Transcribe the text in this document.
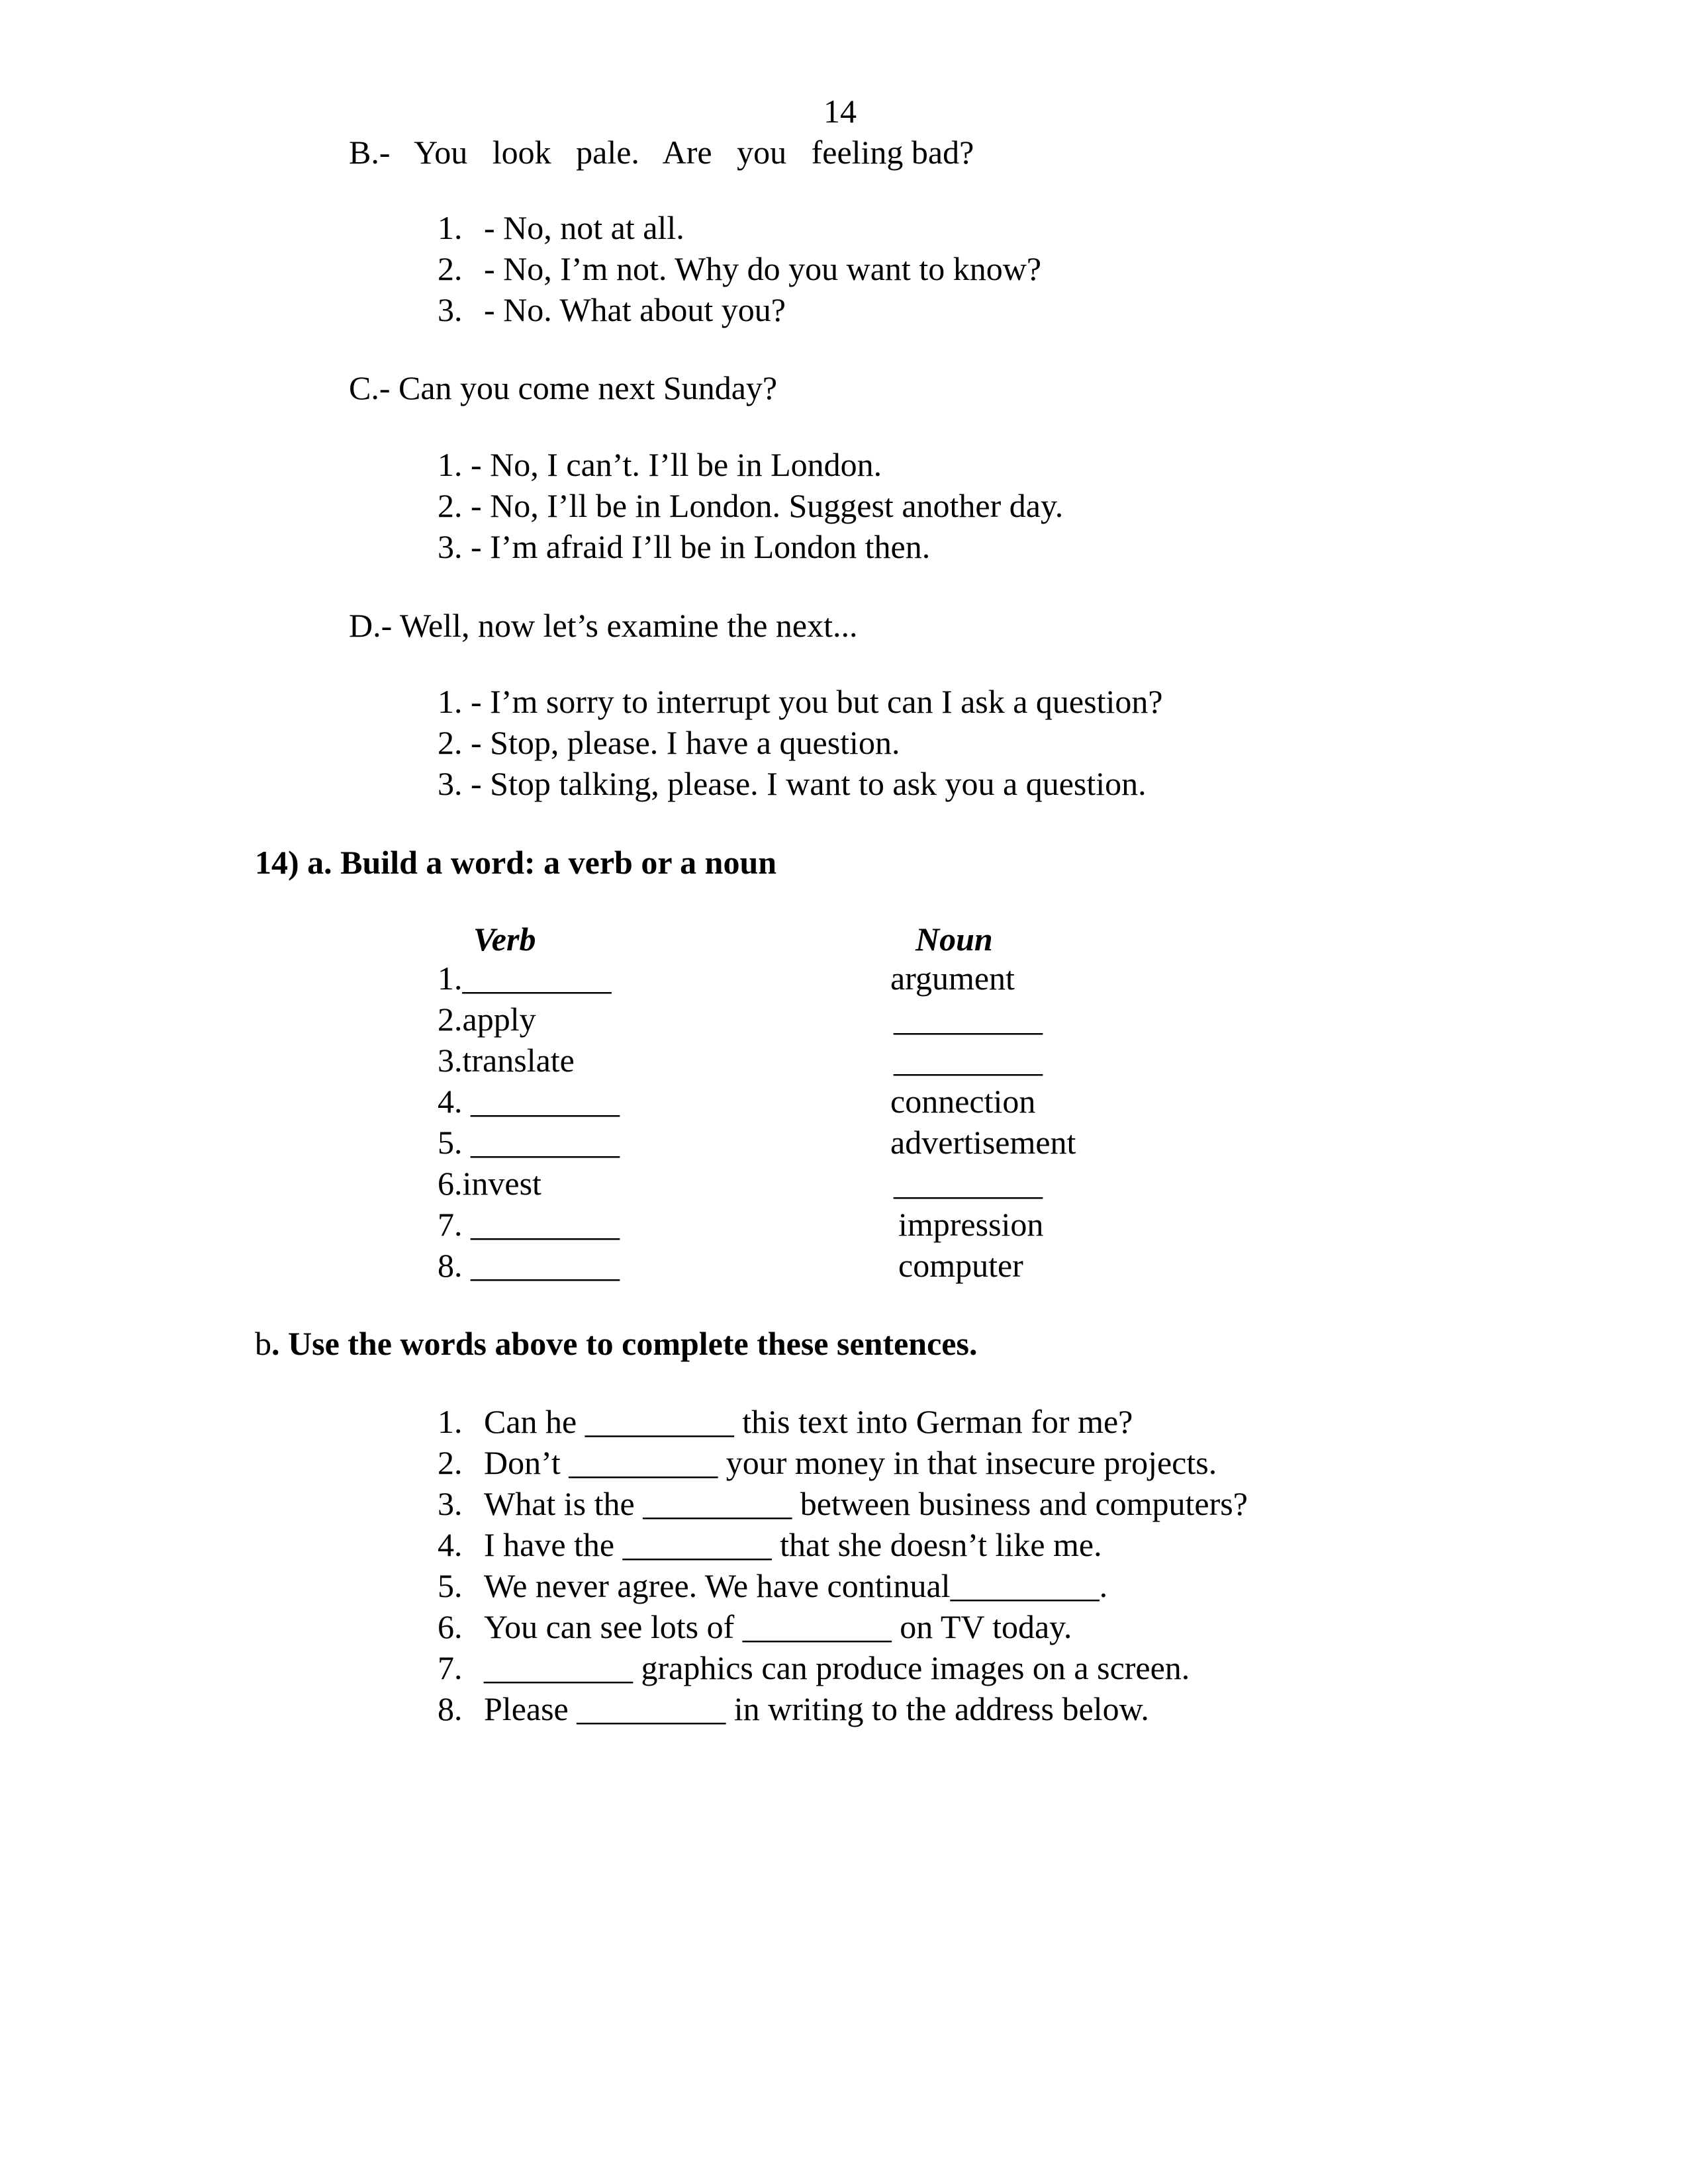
14
B.-   You   look   pale.   Are   you   feeling bad?
1. - No, not at all.
2. - No, I’m not. Why do you want to know?
3. - No. What about you?
C.- Can you come next Sunday?
1. - No, I can’t. I’ll be in London.
2. - No, I’ll be in London. Suggest another day.
3. - I’m afraid I’ll be in London then.
D.- Well, now let’s examine the next...
1. - I’m sorry to interrupt you but can I ask a question?
2. - Stop, please. I have a question.
3. - Stop talking, please. I want to ask you a question.
14) a. Build a word: a verb or a noun
Verb	Noun
1._________	argument
2.apply	_________
3.translate	_________
4. _________	connection
5. _________	advertisement
6.invest	_________
7. _________	impression
8. _________	computer
b. Use the words above to complete these sentences.
1. Can he _________ this text into German for me?
2. Don’t _________ your money in that insecure projects.
3. What is the _________ between business and computers?
4. I have the _________ that she doesn’t like me.
5. We never agree. We have continual_________.
6. You can see lots of _________ on TV today.
7. _________ graphics can produce images on a screen.
8. Please _________ in writing to the address below.
